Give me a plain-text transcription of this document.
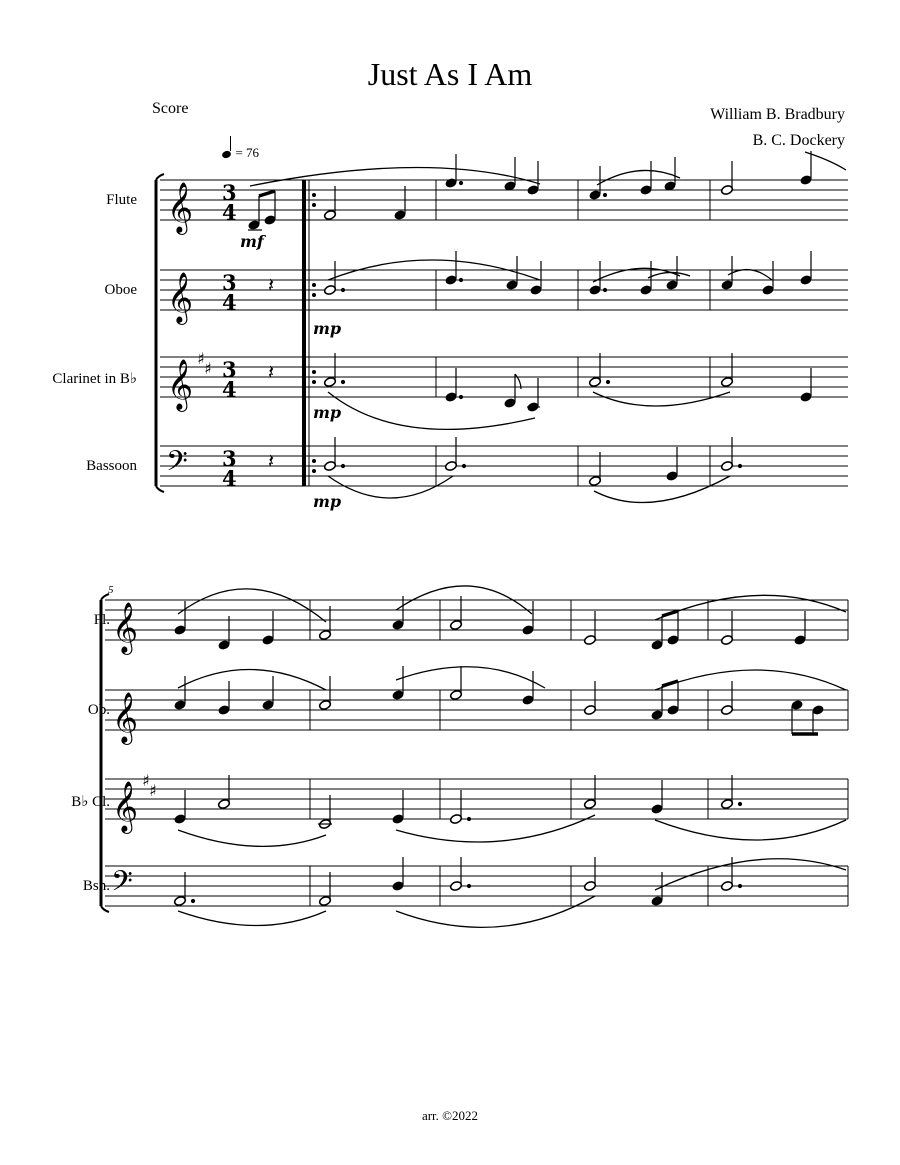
Just As I Am
Score	William B. Bradbury
B. C. Dockery
= 76
Flute
Oboe
Clarinet in B♭
Bassoon
Fl.
Ob.
B♭ Cl.
Bsn.
mf
mp
mp
mp
5
arr. ©2022
𝄞
𝄞
𝄞
𝄢
𝄞
𝄞
𝄞
𝄢
♯
♯
♯
♯
3
4
3
4
3
4
3
4
𝄽
𝄽
𝄽
